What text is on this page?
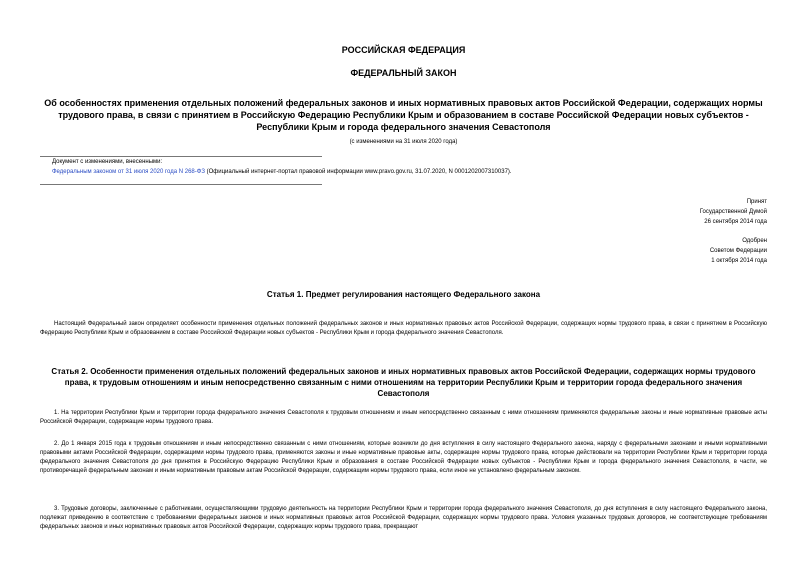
РОССИЙСКАЯ ФЕДЕРАЦИЯ
ФЕДЕРАЛЬНЫЙ ЗАКОН
Об особенностях применения отдельных положений федеральных законов и иных нормативных правовых актов Российской Федерации, содержащих нормы трудового права, в связи с принятием в Российскую Федерацию Республики Крым и образованием в составе Российской Федерации новых субъектов - Республики Крым и города федерального значения Севастополя
(с изменениями на 31 июля 2020 года)
Документ с изменениями, внесенными:
Федеральным законом от 31 июля 2020 года N 268-ФЗ (Официальный интернет-портал правовой информации www.pravo.gov.ru, 31.07.2020, N 0001202007310037).
Принят
Государственной Думой
26 сентября 2014 года
Одобрен
Советом Федерации
1 октября 2014 года
Статья 1. Предмет регулирования настоящего Федерального закона
Настоящий Федеральный закон определяет особенности применения отдельных положений федеральных законов и иных нормативных правовых актов Российской Федерации, содержащих нормы трудового права, в связи с принятием в Российскую Федерацию Республики Крым и образованием в составе Российской Федерации новых субъектов - Республики Крым и города федерального значения Севастополя.
Статья 2. Особенности применения отдельных положений федеральных законов и иных нормативных правовых актов Российской Федерации, содержащих нормы трудового права, к трудовым отношениям и иным непосредственно связанным с ними отношениям на территории Республики Крым и территории города федерального значения Севастополя
1. На территории Республики Крым и территории города федерального значения Севастополя к трудовым отношениям и иным непосредственно связанным с ними отношениям применяются федеральные законы и иные нормативные правовые акты Российской Федерации, содержащие нормы трудового права.
2. До 1 января 2015 года к трудовым отношениям и иным непосредственно связанным с ними отношениям, которые возникли до дня вступления в силу настоящего Федерального закона, наряду с федеральными законами и иными нормативными правовыми актами Российской Федерации, содержащими нормы трудового права, применяются законы и иные нормативные правовые акты, содержащие нормы трудового права, которые действовали на территории Республики Крым и территории города федерального значения Севастополя до дня принятия в Российскую Федерацию Республики Крым и образования в составе Российской Федерации новых субъектов - Республики Крым и города федерального значения Севастополя, в части, не противоречащей федеральным законам и иным нормативным правовым актам Российской Федерации, содержащим нормы трудового права, если иное не установлено федеральным законом.
3. Трудовые договоры, заключенные с работниками, осуществляющими трудовую деятельность на территории Республики Крым и территории города федерального значения Севастополя, до дня вступления в силу настоящего Федерального закона, подлежат приведению в соответствие с требованиями федеральных законов и иных нормативных правовых актов Российской Федерации, содержащих нормы трудового права. Условия указанных трудовых договоров, не соответствующие требованиям федеральных законов и иных нормативных правовых актов Российской Федерации, содержащих нормы трудового права, прекращают
